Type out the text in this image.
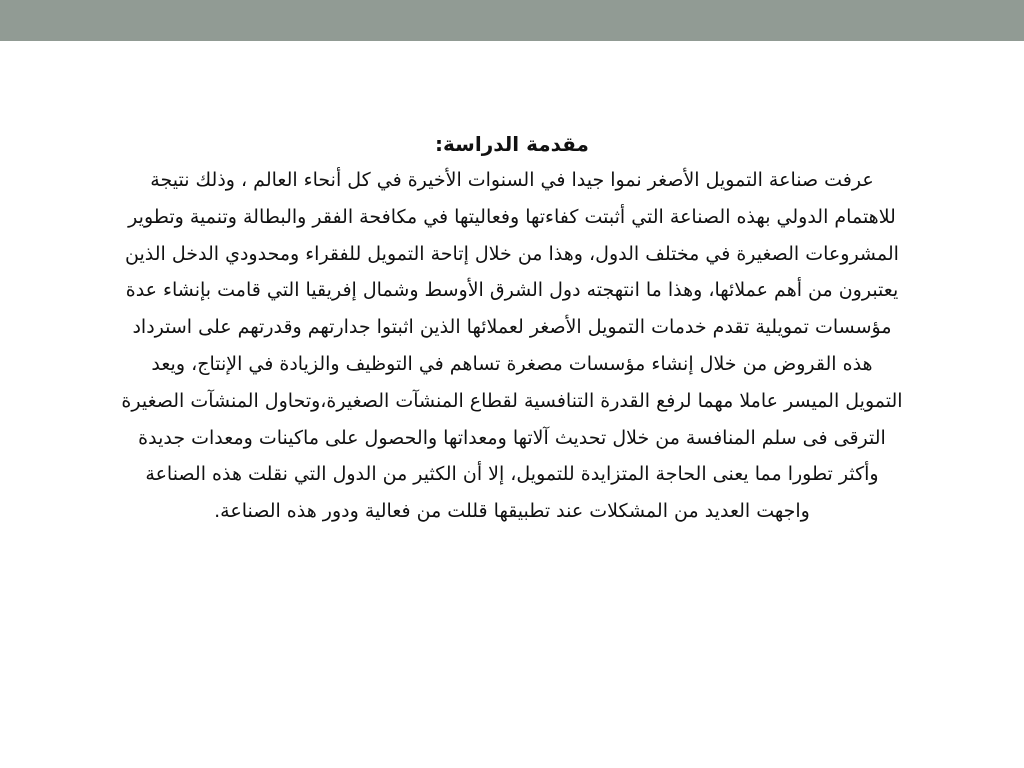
مقدمة الدراسة:

عرفت صناعة التمويل الأصغر نموا جيدا في السنوات الأخيرة في كل أنحاء العالم ، وذلك نتيجة
للاهتمام الدولي بهذه الصناعة التي أثبتت كفاءتها وفعاليتها في مكافحة الفقر والبطالة وتنمية وتطوير
المشروعات الصغيرة في مختلف الدول، وهذا من خلال إتاحة التمويل للفقراء ومحدودي الدخل الذين
يعتبرون من أهم عملائها، وهذا ما انتهجته دول الشرق الأوسط وشمال إفريقيا التي قامت بإنشاء عدة
مؤسسات تمويلية تقدم خدمات التمويل الأصغر لعملائها الذين اثبتوا جدارتهم وقدرتهم على استرداد
هذه القروض من خلال إنشاء مؤسسات مصغرة تساهم في التوظيف والزيادة في الإنتاج، ويعد
التمويل الميسر عاملا مهما لرفع القدرة التنافسية لقطاع المنشآت الصغيرة،وتحاول المنشآت الصغيرة
الترقى فى سلم المنافسة من خلال تحديث آلاتها ومعداتها والحصول على ماكينات ومعدات جديدة
وأكثر تطورا مما يعنى الحاجة المتزايدة للتمويل، إلا أن الكثير من الدول التي نقلت هذه الصناعة
واجهت العديد من المشكلات عند تطبيقها قللت من فعالية ودور هذه الصناعة.
